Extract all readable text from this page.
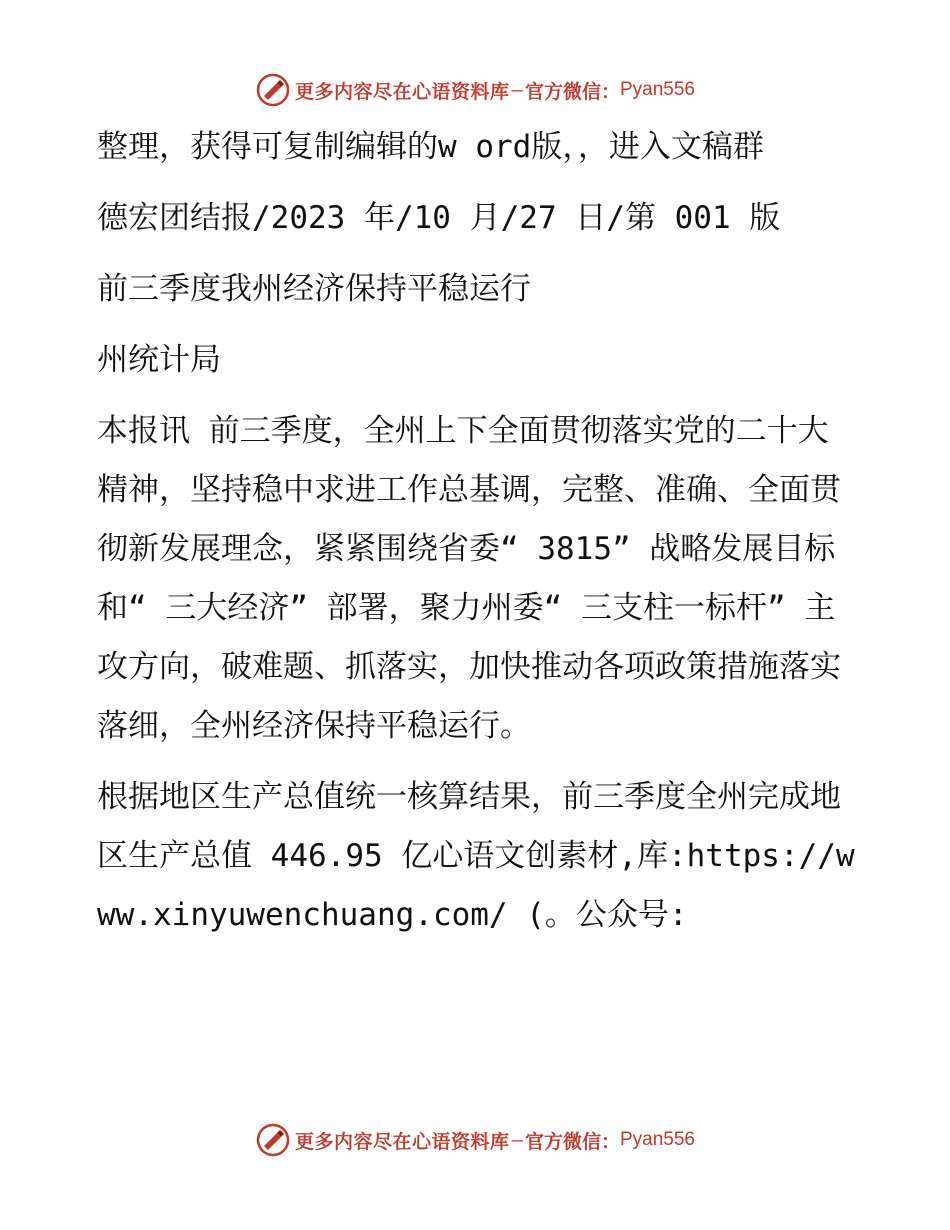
更多内容尽在心语资料库 — 官方微信： Pyan556

整理，获得可复制编辑的w ord版，，进入文稿群

德宏团结报/2023 年/10 月/27 日/第 001 版

前三季度我州经济保持平稳运行

州统计局

本报讯 前三季度，全州上下全面贯彻落实党的二十大精神，坚持稳中求进工作总基调，完整、准确、全面贯彻新发展理念，紧紧围绕省委“ 3815” 战略发展目标和“ 三大经济” 部署，聚力州委“ 三支柱一标杆” 主攻方向，破难题、抓落实，加快推动各项政策措施落实落细，全州经济保持平稳运行。

根据地区生产总值统一核算结果，前三季度全州完成地区生产总值 446.95 亿心语文创素材,库:https://www.xinyuwenchuang.com/ (。公众号:

更多内容尽在心语资料库 — 官方微信： Pyan556
